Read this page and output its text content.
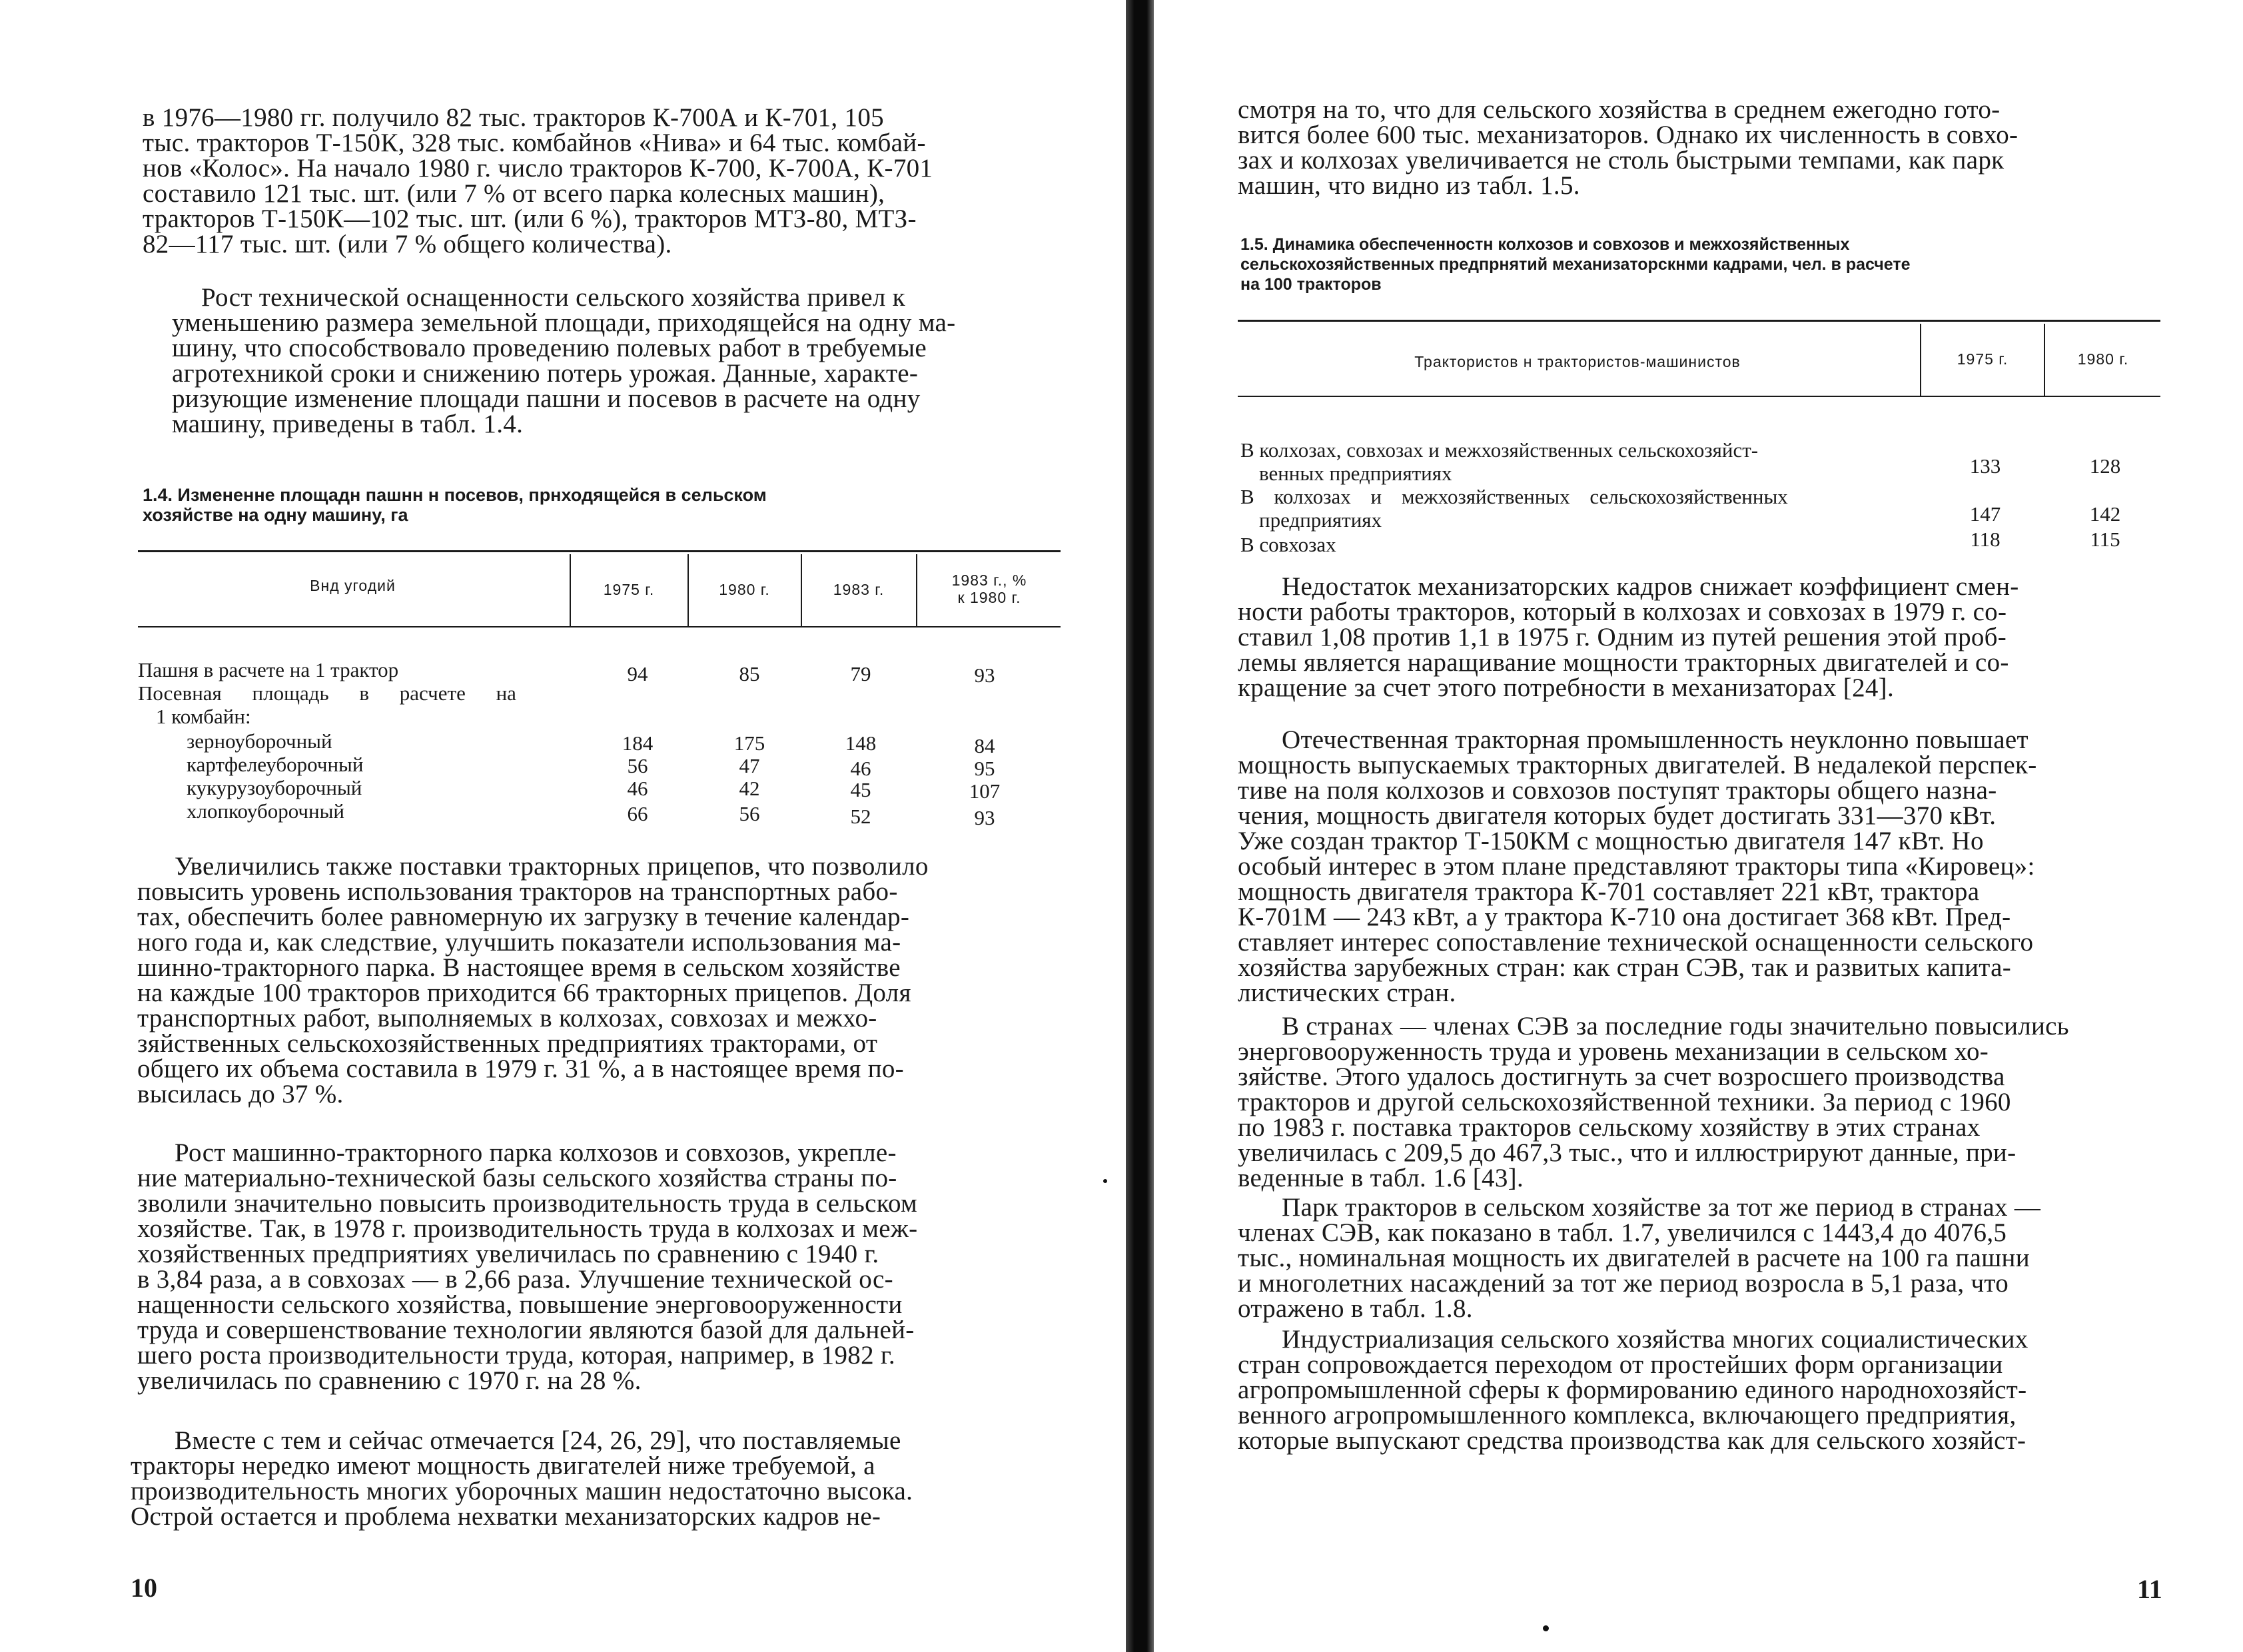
в 1976—1980 гг. получило 82 тыс. тракторов К-700А и К-701, 105
тыс. тракторов Т-150К, 328 тыс. комбайнов «Нива» и 64 тыс. комбай-
нов «Колос». На начало 1980 г. число тракторов К-700, К-700А, К-701
составило 121 тыс. шт. (или 7 % от всего парка колесных машин),
тракторов Т-150К—102 тыс. шт. (или 6 %), тракторов МТЗ-80, МТЗ-
82—117 тыс. шт. (или 7 % общего количества).
Рост технической оснащенности сельского хозяйства привел к
уменьшению размера земельной площади, приходящейся на одну ма-
шину, что способствовало проведению полевых работ в требуемые
агротехникой сроки и снижению потерь урожая. Данные, характе-
ризующие изменение площади пашни и посевов в расчете на одну
машину, приведены в табл. 1.4.
1.4. Измененне площадн пашнн н посевов, прнходящейся в сельском
хозяйстве на одну машину, га
Внд угодий	1975 г.	1980 г.	1983 г.
1983 г., %
к 1980 г.
Пашня в расчете на 1 трактор	94	85	79	93
Посевная площадь в расчете на
1 комбайн:
зерноуборочный	184	175	148	84
картфелеуборочный	56	47	46	95
кукурузоуборочный	46	42	45	107
хлопкоуборочный	66	56	52	93
Увеличились также поставки тракторных прицепов, что позволило
повысить уровень использования тракторов на транспортных рабо-
тах, обеспечить более равномерную их загрузку в течение календар-
ного года и, как следствие, улучшить показатели использования ма-
шинно-тракторного парка. В настоящее время в сельском хозяйстве
на каждые 100 тракторов приходится 66 тракторных прицепов. Доля
транспортных работ, выполняемых в колхозах, совхозах и межхо-
зяйственных сельскохозяйственных предприятиях тракторами, от
общего их объема составила в 1979 г. 31 %, а в настоящее время по-
высилась до 37 %.
Рост машинно-тракторного парка колхозов и совхозов, укрепле-
ние материально-технической базы сельского хозяйства страны по-
зволили значительно повысить производительность труда в сельском
хозяйстве. Так, в 1978 г. производительность труда в колхозах и меж-
хозяйственных предприятиях увеличилась по сравнению с 1940 г.
в 3,84 раза, а в совхозах — в 2,66 раза. Улучшение технической ос-
нащенности сельского хозяйства, повышение энерговооруженности
труда и совершенствование технологии являются базой для дальней-
шего роста производительности труда, которая, например, в 1982 г.
увеличилась по сравнению с 1970 г. на 28 %.
Вместе с тем и сейчас отмечается [24, 26, 29], что поставляемые
тракторы нередко имеют мощность двигателей ниже требуемой, а
производительность многих уборочных машин недостаточно высока.
Острой остается и проблема нехватки механизаторских кадров не-
10
смотря на то, что для сельского хозяйства в среднем ежегодно гото-
вится более 600 тыс. механизаторов. Однако их численность в совхо-
зах и колхозах увеличивается не столь быстрыми темпами, как парк
машин, что видно из табл. 1.5.
1.5. Динамика обеспеченностн колхозов и совхозов и межхозяйственных
сельскохозяйственных предпрнятий механизаторскнми кадрами, чел. в расчете
на 100 тракторов
Трактористов н трактористов-машинистов	1975 г.	1980 г.
В колхозах, совхозах и межхозяйственных сельскохозяйст-
венных предприятиях	133	128
В колхозах и межхозяйственных сельскохозяйственных
предприятиях	147	142
В совхозах	118	115
Недостаток механизаторских кадров снижает коэффициент смен-
ности работы тракторов, который в колхозах и совхозах в 1979 г. со-
ставил 1,08 против 1,1 в 1975 г. Одним из путей решения этой проб-
лемы является наращивание мощности тракторных двигателей и со-
кращение за счет этого потребности в механизаторах [24].
Отечественная тракторная промышленность неуклонно повышает
мощность выпускаемых тракторных двигателей. В недалекой перспек-
тиве на поля колхозов и совхозов поступят тракторы общего назна-
чения, мощность двигателя которых будет достигать 331—370 кВт.
Уже создан трактор Т-150КМ с мощностью двигателя 147 кВт. Но
особый интерес в этом плане представляют тракторы типа «Кировец»:
мощность двигателя трактора К-701 составляет 221 кВт, трактора
К-701М — 243 кВт, а у трактора К-710 она достигает 368 кВт. Пред-
ставляет интерес сопоставление технической оснащенности сельского
хозяйства зарубежных стран: как стран СЭВ, так и развитых капита-
листических стран.
В странах — членах СЭВ за последние годы значительно повысились
энерговооруженность труда и уровень механизации в сельском хо-
зяйстве. Этого удалось достигнуть за счет возросшего производства
тракторов и другой сельскохозяйственной техники. За период с 1960
по 1983 г. поставка тракторов сельскому хозяйству в этих странах
увеличилась с 209,5 до 467,3 тыс., что и иллюстрируют данные, при-
веденные в табл. 1.6 [43].
Парк тракторов в сельском хозяйстве за тот же период в странах —
членах СЭВ, как показано в табл. 1.7, увеличился с 1443,4 до 4076,5
тыс., номинальная мощность их двигателей в расчете на 100 га пашни
и многолетних насаждений за тот же период возросла в 5,1 раза, что
отражено в табл. 1.8.
Индустриализация сельского хозяйства многих социалистических
стран сопровождается переходом от простейших форм организации
агропромышленной сферы к формированию единого народнохозяйст-
венного агропромышленного комплекса, включающего предприятия,
которые выпускают средства производства как для сельского хозяйст-
11
